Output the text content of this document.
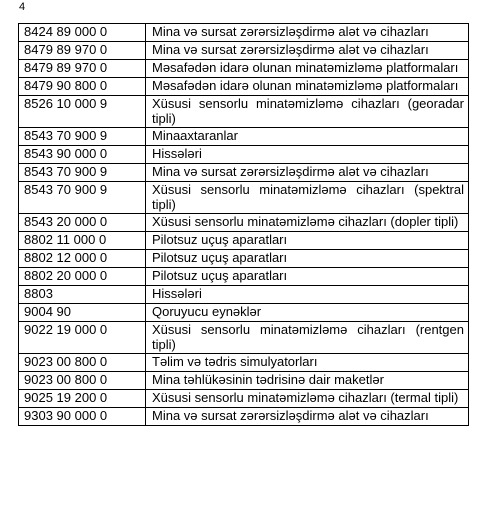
4
8424 89 000 0	Mina və sursat zərərsizləşdirmə alət və cihazları
8479 89 970 0	Mina və sursat zərərsizləşdirmə alət və cihazları
8479 89 970 0	Məsafədən idarə olunan minatəmizləmə platformaları
8479 90 800 0	Məsafədən idarə olunan minatəmizləmə platformaları
8526 10 000 9	Xüsusi sensorlu minatəmizləmə cihazları (georadar tipli)
8543 70 900 9	Minaaxtaranlar
8543 90 000 0	Hissələri
8543 70 900 9	Mina və sursat zərərsizləşdirmə alət və cihazları
8543 70 900 9	Xüsusi sensorlu minatəmizləmə cihazları (spektral tipli)
8543 20 000 0	Xüsusi sensorlu minatəmizləmə cihazları (dopler tipli)
8802 11 000 0	Pilotsuz uçuş aparatları
8802 12 000 0	Pilotsuz uçuş aparatları
8802 20 000 0	Pilotsuz uçuş aparatları
8803	Hissələri
9004 90	Qoruyucu eynəklər
9022 19 000 0	Xüsusi sensorlu minatəmizləmə cihazları (rentgen tipli)
9023 00 800 0	Təlim və tədris simulyatorları
9023 00 800 0	Mina təhlükəsinin tədrisinə dair maketlər
9025 19 200 0	Xüsusi sensorlu minatəmizləmə cihazları (termal tipli)
9303 90 000 0	Mina və sursat zərərsizləşdirmə alət və cihazları
